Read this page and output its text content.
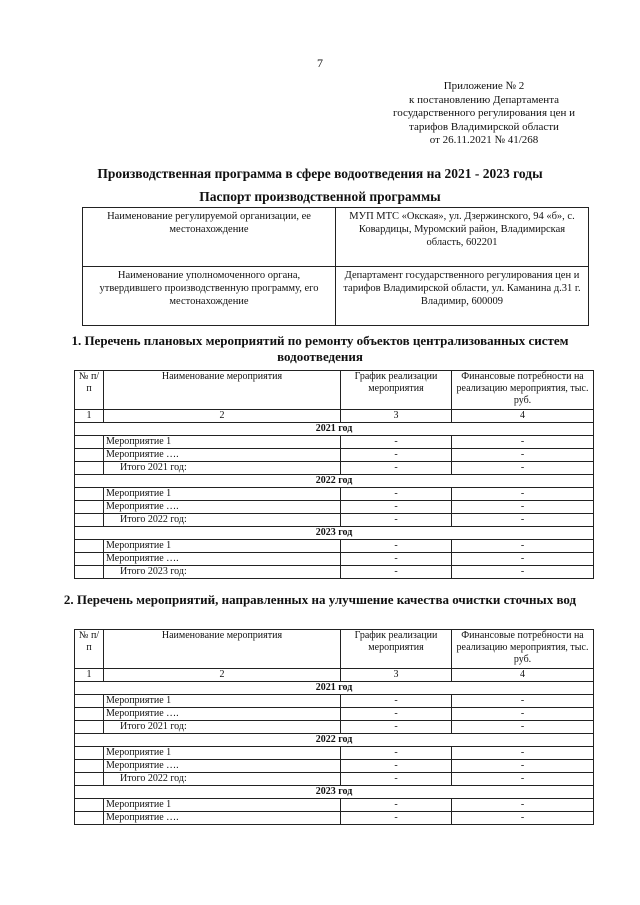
7
Приложение № 2
к постановлению Департамента
государственного регулирования цен и
тарифов Владимирской области
от 26.11.2021 № 41/268
Производственная программа в сфере водоотведения на 2021 - 2023 годы
Паспорт производственной программы
Наименование регулируемой организации, ее местонахождение	МУП МТС «Окская», ул. Дзержинского, 94 «б», с. Ковардицы, Муромский район, Владимирская область, 602201
Наименование уполномоченного органа, утвердившего производственную программу, его местонахождение	Департамент государственного регулирования цен и тарифов Владимирской области, ул. Каманина д.31 г. Владимир, 600009
1. Перечень плановых мероприятий по ремонту объектов централизованных систем водоотведения
№ п/п	Наименование мероприятия	График реализации мероприятия	Финансовые потребности на реализацию мероприятия, тыс. руб.
1	2	3	4
2021 год			
	Мероприятие 1	-	-
	Мероприятие ….	-	-
	Итого 2021 год:	-	-
2022 год			
	Мероприятие 1	-	-
	Мероприятие ….	-	-
	Итого 2022 год:	-	-
2023 год			
	Мероприятие 1	-	-
	Мероприятие ….	-	-
	Итого 2023 год:	-	-
2. Перечень мероприятий, направленных на улучшение качества очистки сточных вод
№ п/п	Наименование мероприятия	График реализации мероприятия	Финансовые потребности на реализацию мероприятия, тыс. руб.
1	2	3	4
2021 год			
	Мероприятие 1	-	-
	Мероприятие ….	-	-
	Итого 2021 год:	-	-
2022 год			
	Мероприятие 1	-	-
	Мероприятие ….	-	-
	Итого 2022 год:	-	-
2023 год			
	Мероприятие 1	-	-
	Мероприятие ….	-	-
